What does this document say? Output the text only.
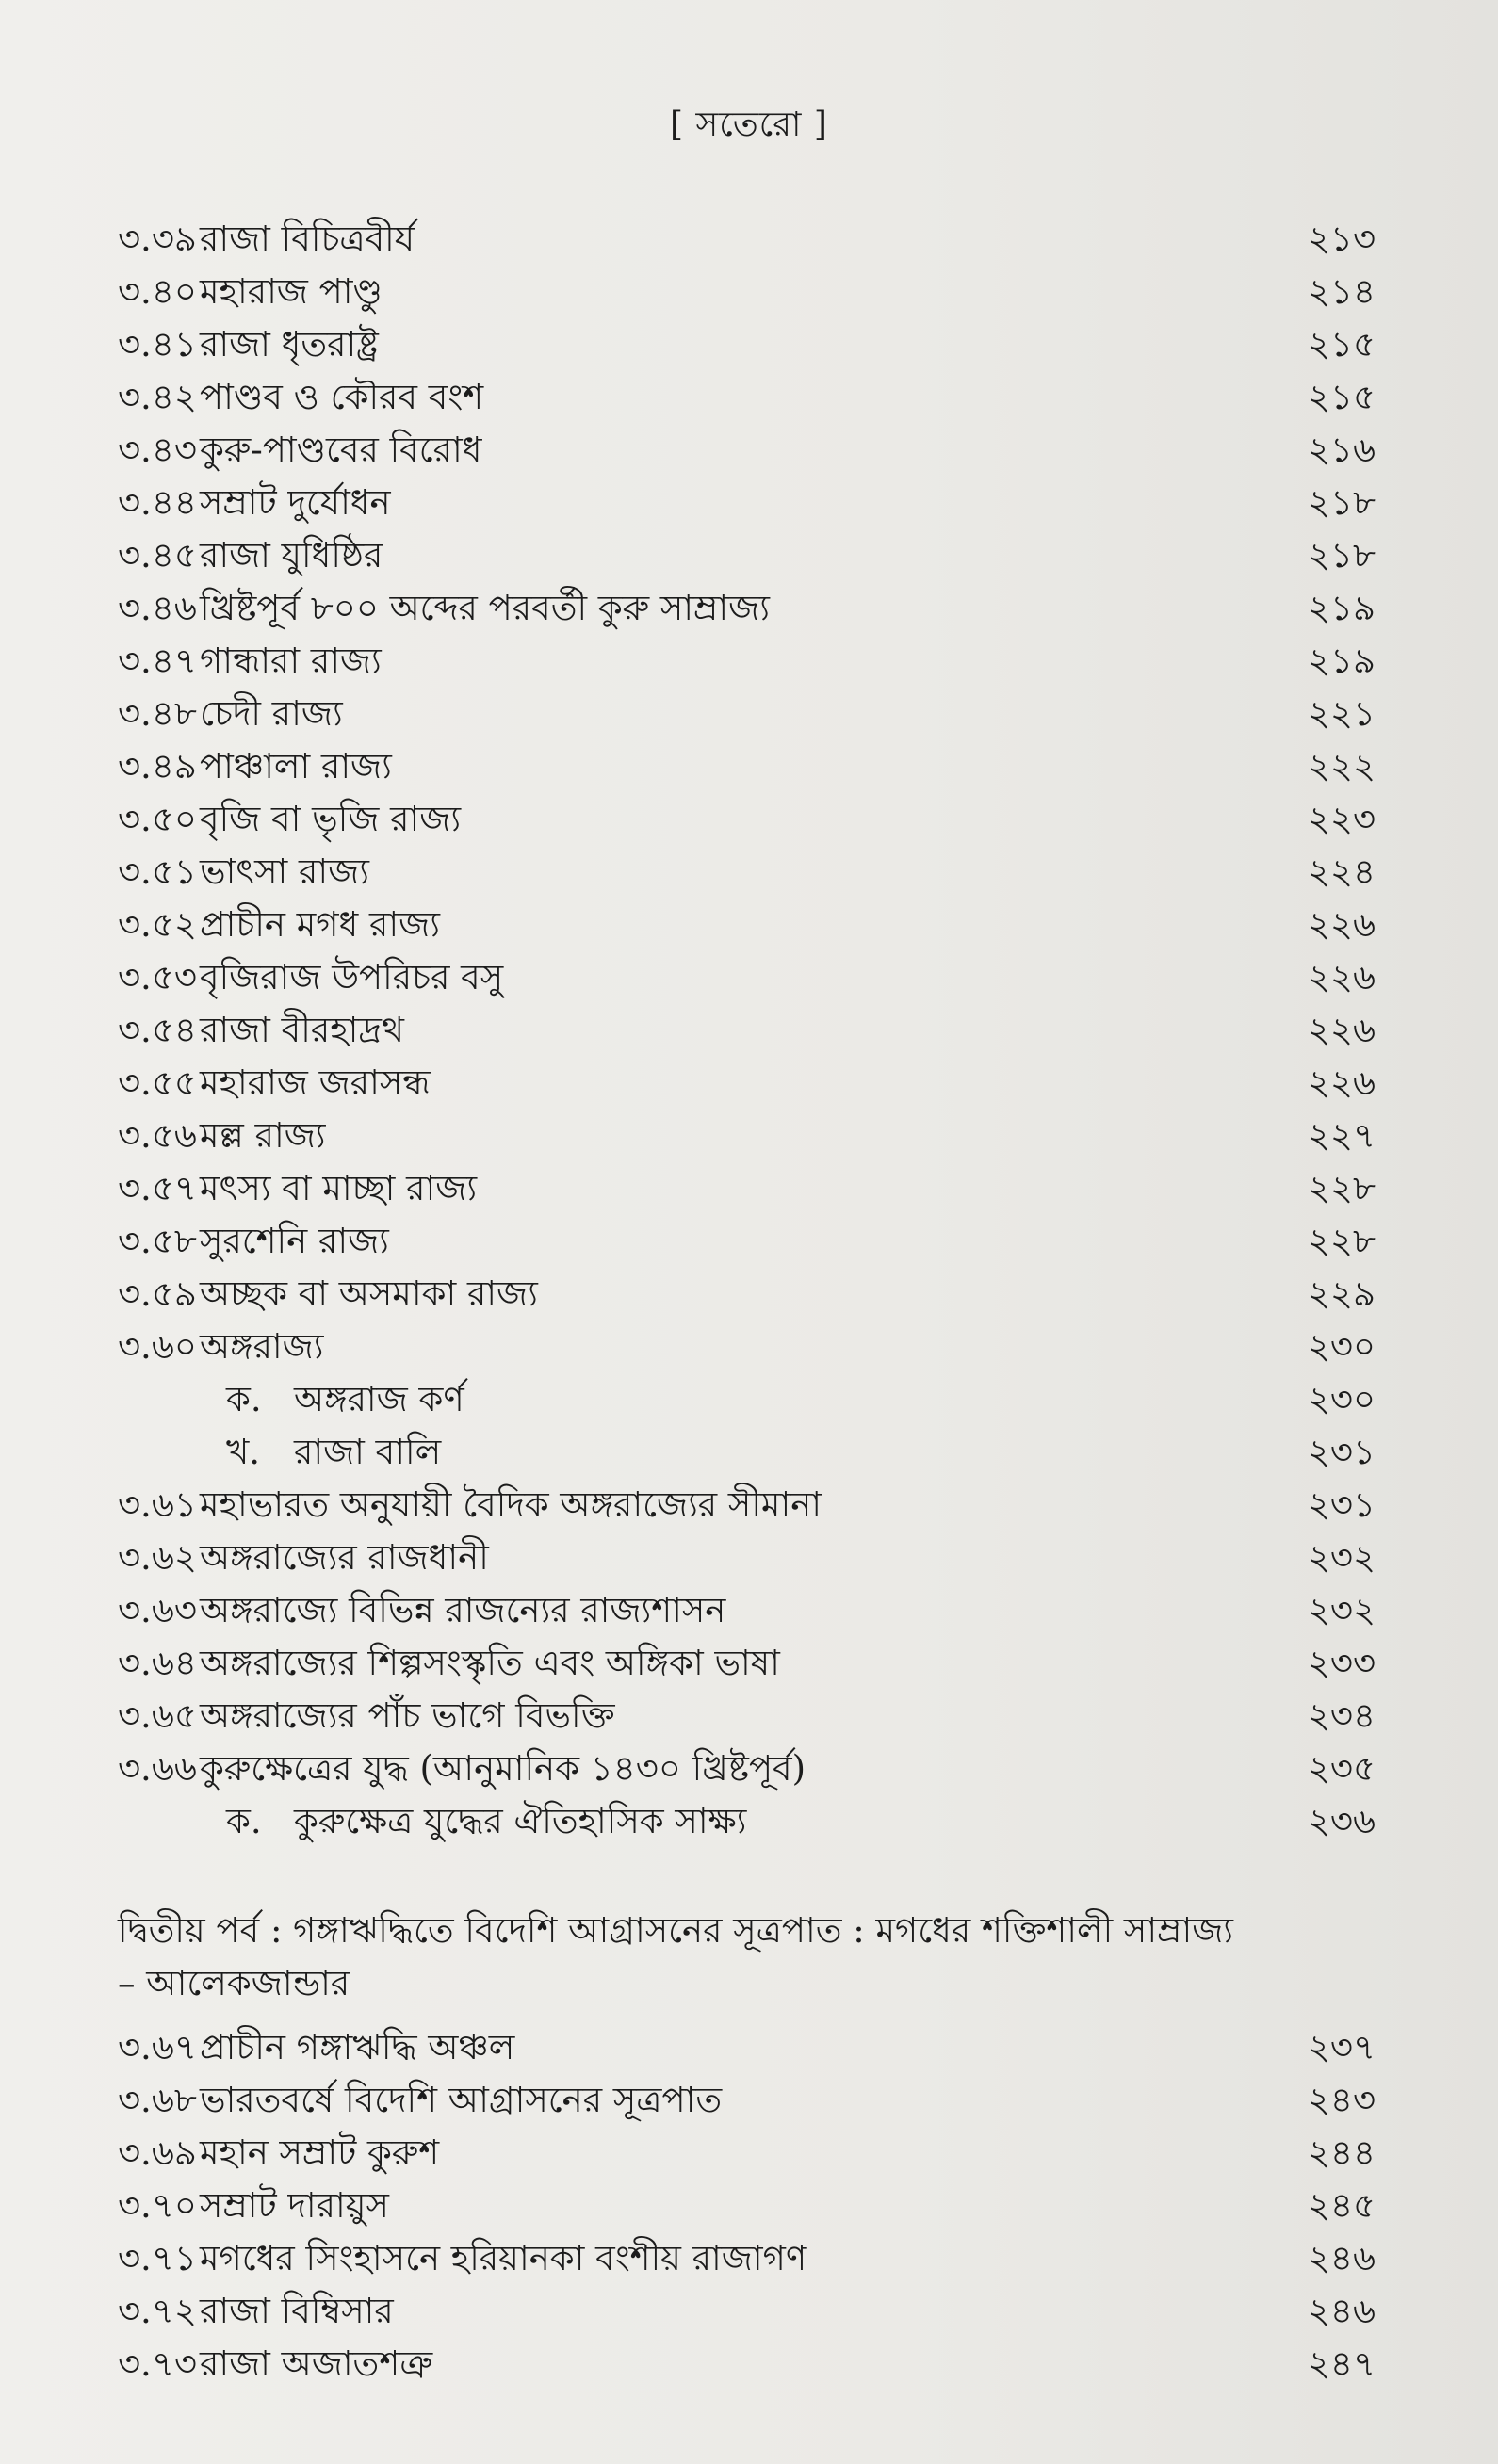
[ সতেরো ]
৩.৩৯ রাজা বিচিত্রবীর্য	২১৩
৩.৪০ মহারাজ পাণ্ডু	২১৪
৩.৪১ রাজা ধৃতরাষ্ট্র	২১৫
৩.৪২ পাণ্ডব ও কৌরব বংশ	২১৫
৩.৪৩ কুরু-পাণ্ডবের বিরোধ	২১৬
৩.৪৪ সম্রাট দুর্যোধন	২১৮
৩.৪৫ রাজা যুধিষ্ঠির	২১৮
৩.৪৬ খ্রিষ্টপূর্ব ৮০০ অব্দের পরবর্তী কুরু সাম্রাজ্য	২১৯
৩.৪৭ গান্ধারা রাজ্য	২১৯
৩.৪৮ চেদী রাজ্য	২২১
৩.৪৯ পাঞ্চালা রাজ্য	২২২
৩.৫০ বৃজি বা ভৃজি রাজ্য	২২৩
৩.৫১ ভাৎসা রাজ্য	২২৪
৩.৫২ প্রাচীন মগধ রাজ্য	২২৬
৩.৫৩ বৃজিরাজ উপরিচর বসু	২২৬
৩.৫৪ রাজা বীরহাদ্রথ	২২৬
৩.৫৫ মহারাজ জরাসন্ধ	২২৬
৩.৫৬ মল্ল রাজ্য	২২৭
৩.৫৭ মৎস্য বা মাচ্ছা রাজ্য	২২৮
৩.৫৮ সুরশেনি রাজ্য	২২৮
৩.৫৯ অচ্ছক বা অসমাকা রাজ্য	২২৯
৩.৬০ অঙ্গরাজ্য	২৩০
ক. অঙ্গরাজ কর্ণ	২৩০
খ. রাজা বালি	২৩১
৩.৬১ মহাভারত অনুযায়ী বৈদিক অঙ্গরাজ্যের সীমানা	২৩১
৩.৬২ অঙ্গরাজ্যের রাজধানী	২৩২
৩.৬৩ অঙ্গরাজ্যে বিভিন্ন রাজন্যের রাজ্যশাসন	২৩২
৩.৬৪ অঙ্গরাজ্যের শিল্পসংস্কৃতি এবং অঙ্গিকা ভাষা	২৩৩
৩.৬৫ অঙ্গরাজ্যের পাঁচ ভাগে বিভক্তি	২৩৪
৩.৬৬ কুরুক্ষেত্রের যুদ্ধ (আনুমানিক ১৪৩০ খ্রিষ্টপূর্ব)	২৩৫
ক. কুরুক্ষেত্র যুদ্ধের ঐতিহাসিক সাক্ষ্য	২৩৬
দ্বিতীয় পর্ব : গঙ্গাঋদ্ধিতে বিদেশি আগ্রাসনের সূত্রপাত : মগধের শক্তিশালী সাম্রাজ্য
– আলেকজান্ডার
৩.৬৭ প্রাচীন গঙ্গাঋদ্ধি অঞ্চল	২৩৭
৩.৬৮ ভারতবর্ষে বিদেশি আগ্রাসনের সূত্রপাত	২৪৩
৩.৬৯ মহান সম্রাট কুরুশ	২৪৪
৩.৭০ সম্রাট দারায়ুস	২৪৫
৩.৭১ মগধের সিংহাসনে হরিয়ানকা বংশীয় রাজাগণ	২৪৬
৩.৭২ রাজা বিম্বিসার	২৪৬
৩.৭৩ রাজা অজাতশত্রু	২৪৭
